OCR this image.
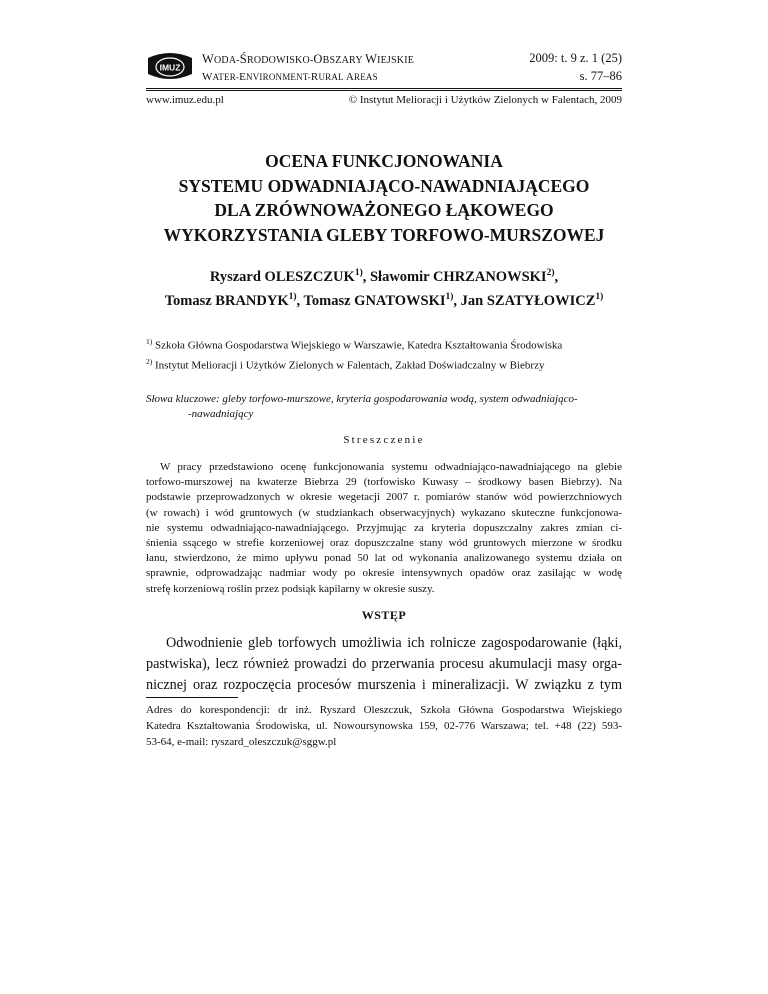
IMUZ
WODA-ŚRODOWISKO-OBSZARY WIEJSKIE
WATER-ENVIRONMENT-RURAL AREAS
2009: t. 9 z. 1 (25)
s. 77–86
www.imuz.edu.pl	© Instytut Melioracji i Użytków Zielonych w Falentach, 2009
OCENA FUNKCJONOWANIA
SYSTEMU ODWADNIAJĄCO-NAWADNIAJĄCEGO
DLA ZRÓWNOWAŻONEGO ŁĄKOWEGO
WYKORZYSTANIA GLEBY TORFOWO-MURSZOWEJ
Ryszard OLESZCZUK$^{1)}$, Sławomir CHRZANOWSKI$^{2)}$,
Tomasz BRANDYK$^{1)}$, Tomasz GNATOWSKI$^{1)}$, Jan SZATYŁOWICZ$^{1)}$
$^{1)}$ Szkoła Główna Gospodarstwa Wiejskiego w Warszawie, Katedra Kształtowania Środowiska
$^{2)}$ Instytut Melioracji i Użytków Zielonych w Falentach, Zakład Doświadczalny w Biebrzy
Słowa kluczowe: gleby torfowo-murszowe, kryteria gospodarowania wodą, system odwadniająco-
-nawadniający
Streszczenie
W pracy przedstawiono ocenę funkcjonowania systemu odwadniająco-nawadniającego na glebie
torfowo-murszowej na kwaterze Biebrza 29 (torfowisko Kuwasy – środkowy basen Biebrzy). Na
podstawie przeprowadzonych w okresie wegetacji 2007 r. pomiarów stanów wód powierzchniowych
(w rowach) i wód gruntowych (w studziankach obserwacyjnych) wykazano skuteczne funkcjonowa-
nie systemu odwadniająco-nawadniającego. Przyjmując za kryteria dopuszczalny zakres zmian ci-
śnienia ssącego w strefie korzeniowej oraz dopuszczalne stany wód gruntowych mierzone w środku
łanu, stwierdzono, że mimo upływu ponad 50 lat od wykonania analizowanego systemu działa on
sprawnie, odprowadzając nadmiar wody po okresie intensywnych opadów oraz zasilając w wodę
strefę korzeniową roślin przez podsiąk kapilarny w okresie suszy.
WSTĘP
Odwodnienie gleb torfowych umożliwia ich rolnicze zagospodarowanie (łąki,
pastwiska), lecz również prowadzi do przerwania procesu akumulacji masy orga-
nicznej oraz rozpoczęcia procesów murszenia i mineralizacji. W związku z tym
Adres do korespondencji: dr inż. Ryszard Oleszczuk, Szkoła Główna Gospodarstwa Wiejskiego
Katedra Kształtowania Środowiska, ul. Nowoursynowska 159, 02-776 Warszawa; tel. +48 (22) 593-
53-64, e-mail: ryszard_oleszczuk@sggw.pl
